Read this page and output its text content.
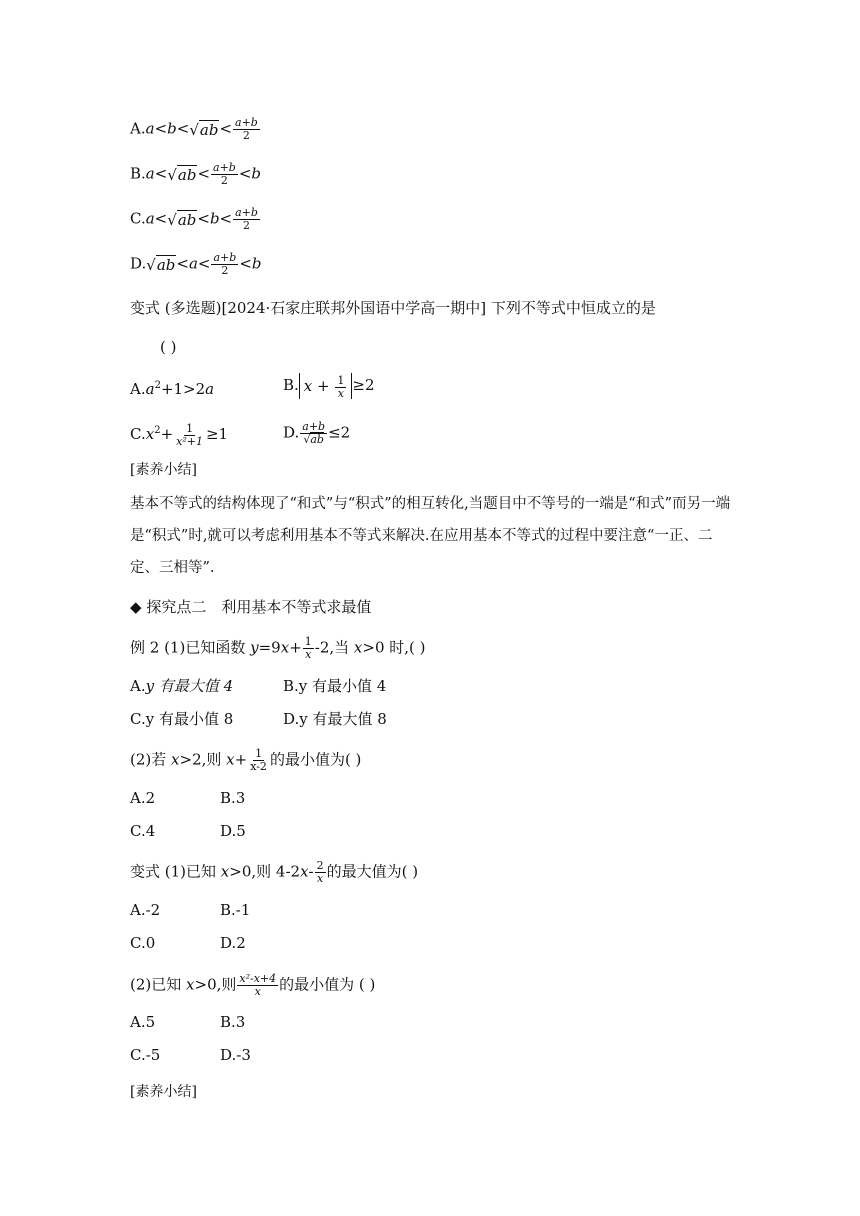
$A.a<b<√ab< \frac{a+b}{2}$
$B.a<√ab< \frac{a+b}{2} <b$
$C.a<√ab<b< \frac{a+b}{2}$
$D.√ab<a< \frac{a+b}{2} <b$
变式 (多选题)[2024·石家庄联邦外国语中学高一期中] 下列不等式中恒成立的是
( )
$A.a^2+1>2a$	B. $x + \frac{1}{x} \ge 2$
$C.x^2+ \frac{1}{\text{x²+1}} \ge 1$	D. $\frac{a+b}{√ab} \le 2$
[素养小结]
基本不等式的结构体现了“和式”与“积式”的相互转化,当题目中不等号的一端是“和式”而另一端是“积式”时,就可以考虑利用基本不等式来解决.在应用基本不等式的过程中要注意“一正、二定、三相等”.
◆ 探究点二　利用基本不等式求最值
例 2 (1)已知函数 $y=9x+ \frac{1}{x} -2$,当 x>0 时,( )
A.y 有最大值 4	B.y 有最小值 4
C.y 有最小值 8	D.y 有最大值 8
(2)若 x>2,则 $x+ \frac{1}{x-2}$ 的最小值为( )
A.2	B.3
C.4	D.5
变式 (1)已知 x>0,则 $4-2x- \frac{2}{x}$ 的最大值为( )
A.-2	B.-1
C.0	D.2
(2)已知 x>0,则 $\frac{\text{x²-x+4}}{x}$ 的最小值为 ( )
A.5	B.3
C.-5	D.-3
[素养小结]
